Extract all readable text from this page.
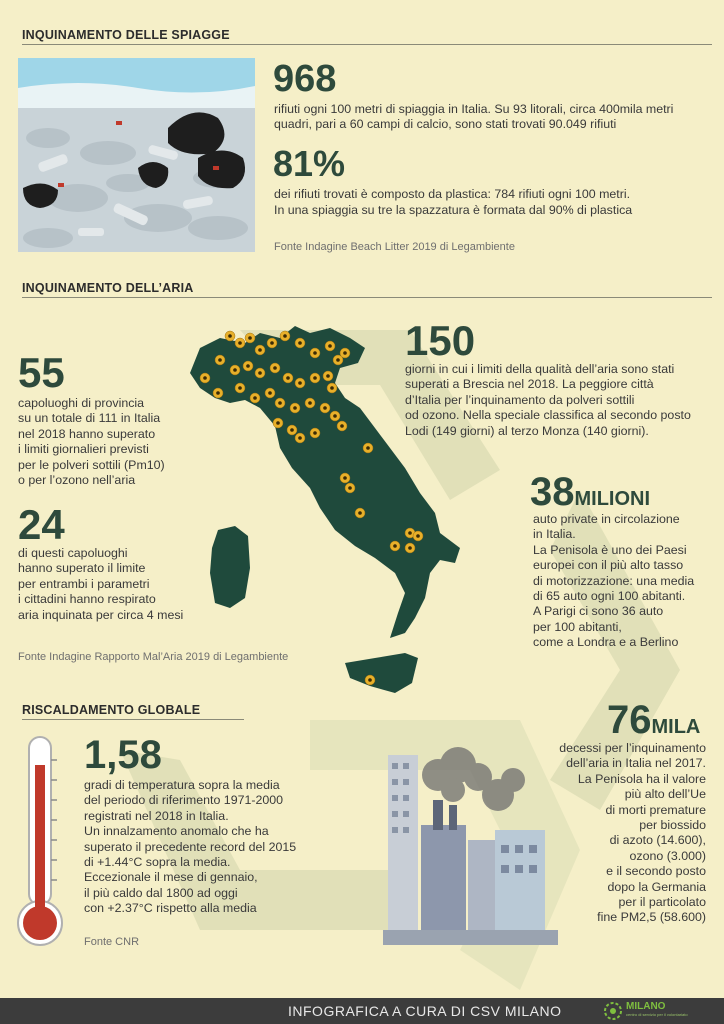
INQUINAMENTO DELLE SPIAGGE
968
rifiuti ogni 100 metri di spiaggia in Italia. Su 93 litorali, circa 400mila metri quadri, pari a 60 campi di calcio, sono stati trovati 90.049 rifiuti
81%
dei rifiuti trovati è composto da plastica: 784 rifiuti ogni 100 metri.
In una spiaggia su tre la spazzatura è formata dal 90% di plastica
Fonte Indagine Beach Litter 2019 di Legambiente
INQUINAMENTO DELL’ARIA
55
capoluoghi di provincia
su un totale di 111 in Italia
nel 2018 hanno superato
i limiti giornalieri previsti
per le polveri sottili (Pm10)
o per l’ozono nell’aria
24
di questi capoluoghi
hanno superato il limite
per entrambi i parametri
i cittadini hanno respirato
aria inquinata per circa 4 mesi
Fonte Indagine Rapporto Mal’Aria 2019 di Legambiente
150
giorni in cui i limiti della qualità dell’aria sono stati
superati a Brescia nel 2018. La peggiore città
d’Italia per l’inquinamento da polveri sottili
od ozono. Nella speciale classifica al secondo posto
Lodi (149 giorni) al terzo Monza (140 giorni).
38MILIONI
auto private in circolazione
in Italia.
La Penisola è uno dei Paesi
europei con il più alto tasso
di motorizzazione: una media
di 65 auto ogni 100 abitanti.
A Parigi ci sono 36 auto
per 100 abitanti,
come a Londra e a Berlino
RISCALDAMENTO GLOBALE
1,58
gradi di temperatura sopra la media
del periodo di riferimento 1971-2000
registrati nel 2018 in Italia.
Un innalzamento anomalo che ha
superato il precedente record del 2015
di +1.44°C sopra la media.
Eccezionale il mese di gennaio,
il più caldo dal 1800 ad oggi
con +2.37°C rispetto alla media
Fonte CNR
76MILA
decessi per l’inquinamento
dell’aria in Italia nel 2017.
La Penisola ha il valore
più alto dell’Ue
di morti premature
per biossido
di azoto (14.600),
ozono (3.000)
e il secondo posto
dopo la Germania
per il particolato
fine PM2,5 (58.600)
INFOGRAFICA A CURA DI CSV MILANO	MILANO
centro di servizio per il volontariato
